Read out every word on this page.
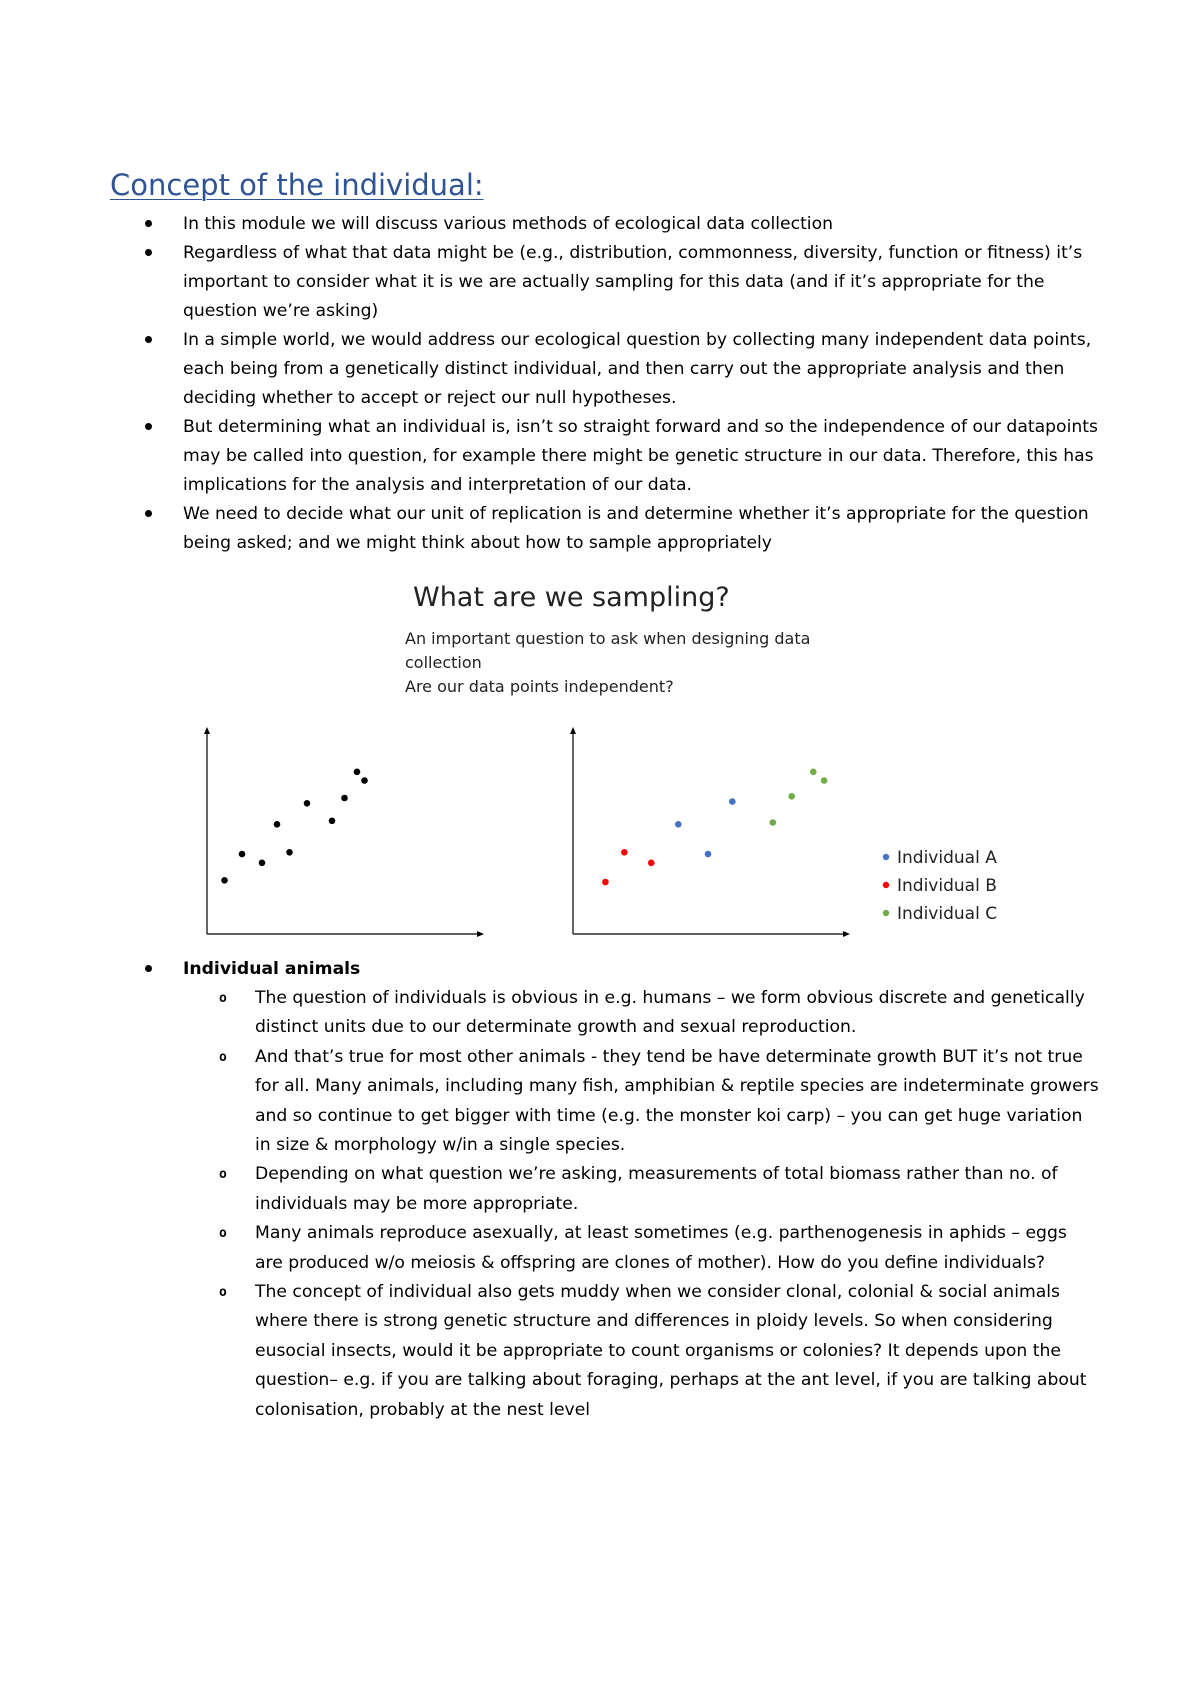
Concept of the individual:
In this module we will discuss various methods of ecological data collection
Regardless of what that data might be (e.g., distribution, commonness, diversity, function or fitness) it’s important to consider what it is we are actually sampling for this data (and if it’s appropriate for the question we’re asking)
In a simple world, we would address our ecological question by collecting many independent data points, each being from a genetically distinct individual, and then carry out the appropriate analysis and then deciding whether to accept or reject our null hypotheses.
But determining what an individual is, isn’t so straight forward and so the independence of our datapoints may be called into question, for example there might be genetic structure in our data. Therefore, this has implications for the analysis and interpretation of our data.
We need to decide what our unit of replication is and determine whether it’s appropriate for the question being asked; and we might think about how to sample appropriately
What are we sampling?
An important question to ask when designing data
collection
Are our data points independent?
Individual A
Individual B
Individual C
Individual animals
o The question of individuals is obvious in e.g. humans – we form obvious discrete and genetically distinct units due to our determinate growth and sexual reproduction.
o And that’s true for most other animals - they tend be have determinate growth BUT it’s not true for all. Many animals, including many fish, amphibian & reptile species are indeterminate growers and so continue to get bigger with time (e.g. the monster koi carp) – you can get huge variation in size & morphology w/in a single species.
o Depending on what question we’re asking, measurements of total biomass rather than no. of individuals may be more appropriate.
o Many animals reproduce asexually, at least sometimes (e.g. parthenogenesis in aphids – eggs are produced w/o meiosis & offspring are clones of mother). How do you define individuals?
o The concept of individual also gets muddy when we consider clonal, colonial & social animals where there is strong genetic structure and differences in ploidy levels. So when considering eusocial insects, would it be appropriate to count organisms or colonies? It depends upon the question– e.g. if you are talking about foraging, perhaps at the ant level, if you are talking about colonisation, probably at the nest level
